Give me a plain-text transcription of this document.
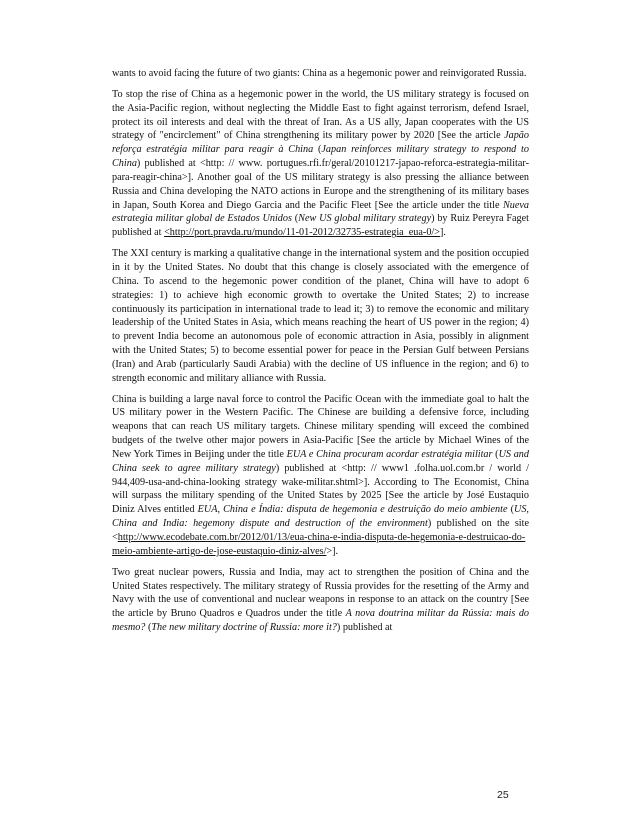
wants to avoid facing the future of two giants: China as a hegemonic power and reinvigorated Russia.

To stop the rise of China as a hegemonic power in the world, the US military strategy is focused on the Asia-Pacific region, without neglecting the Middle East to fight against terrorism, defend Israel, protect its oil interests and deal with the threat of Iran. As a US ally, Japan cooperates with the US strategy of "encirclement" of China strengthening its military power by 2020 [See the article Japão reforça estratégia militar para reagir à China (Japan reinforces military strategy to respond to China) published at <http: // www. portugues.rfi.fr/geral/20101217-japao-reforca-estrategia-militar-para-reagir-china>]. Another goal of the US military strategy is also pressing the alliance between Russia and China developing the NATO actions in Europe and the strengthening of its military bases in Japan, South Korea and Diego Garcia and the Pacific Fleet [See the article under the title Nueva estrategia militar global de Estados Unidos (New US global military strategy) by Ruiz Pereyra Faget published at <http://port.pravda.ru/mundo/11-01-2012/32735-estrategia_eua-0/>].

The XXI century is marking a qualitative change in the international system and the position occupied in it by the United States. No doubt that this change is closely associated with the emergence of China. To ascend to the hegemonic power condition of the planet, China will have to adopt 6 strategies: 1) to achieve high economic growth to overtake the United States; 2) to increase continuously its participation in international trade to lead it; 3) to remove the economic and military leadership of the United States in Asia, which means reaching the heart of US power in the region; 4) to prevent India become an autonomous pole of economic attraction in Asia, possibly in alignment with the United States; 5) to become essential power for peace in the Persian Gulf between Persians (Iran) and Arab (particularly Saudi Arabia) with the decline of US influence in the region; and 6) to strength economic and military alliance with Russia.

China is building a large naval force to control the Pacific Ocean with the immediate goal to halt the US military power in the Western Pacific. The Chinese are building a defensive force, including weapons that can reach US military targets. Chinese military spending will exceed the combined budgets of the twelve other major powers in Asia-Pacific [See the article by Michael Wines of the New York Times in Beijing under the title EUA e China procuram acordar estratégia militar (US and China seek to agree military strategy) published at <http: // www1 .folha.uol.com.br / world / 944,409-usa-and-china-looking strategy wake-militar.shtml>]. According to The Economist, China will surpass the military spending of the United States by 2025 [See the article by José Eustaquio Diniz Alves entitled EUA, China e Índia: disputa de hegemonia e destruição do meio ambiente (US, China and India: hegemony dispute and destruction of the environment) published on the site <http://www.ecodebate.com.br/2012/01/13/eua-china-e-india-disputa-de-hegemonia-e-destruicao-do-meio-ambiente-artigo-de-jose-eustaquio-diniz-alves/>].

Two great nuclear powers, Russia and India, may act to strengthen the position of China and the United States respectively. The military strategy of Russia provides for the resetting of the Army and Navy with the use of conventional and nuclear weapons in response to an attack on the country [See the article by Bruno Quadros e Quadros under the title A nova doutrina militar da Rússia: mais do mesmo? (The new military doctrine of Russia: more it?) published at

25
